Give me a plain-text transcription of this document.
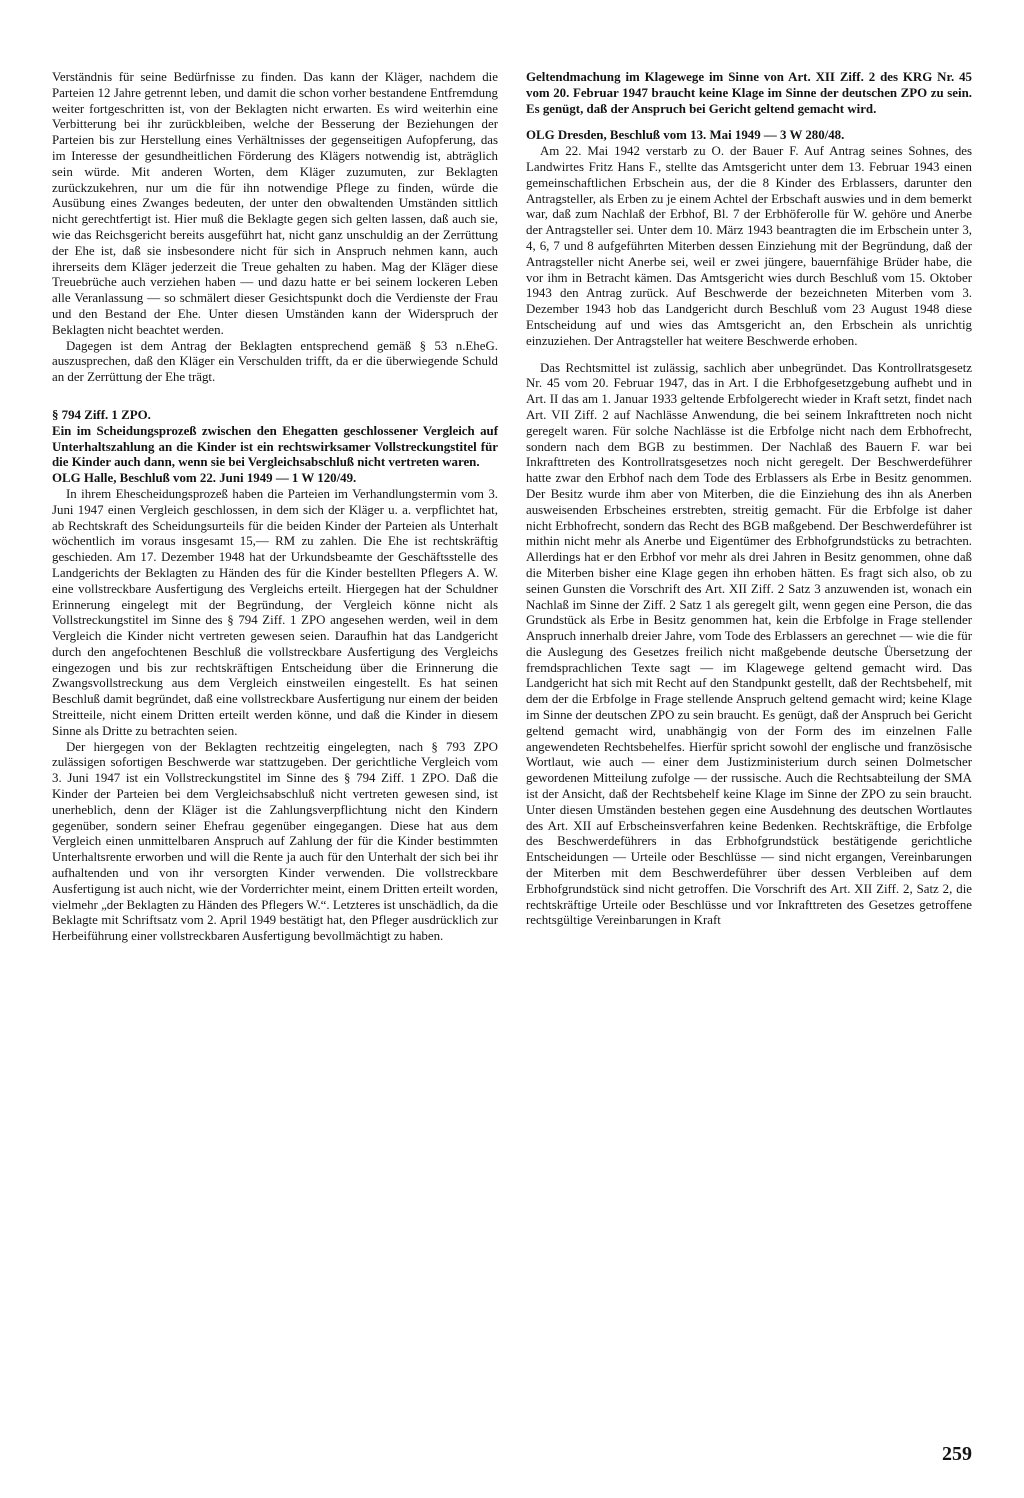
Verständnis für seine Bedürfnisse zu finden. Das kann der Kläger, nachdem die Parteien 12 Jahre getrennt leben, und damit die schon vorher bestandene Entfremdung weiter fortgeschritten ist, von der Beklagten nicht erwarten. Es wird weiterhin eine Verbitterung bei ihr zurückbleiben, welche der Besserung der Beziehungen der Parteien bis zur Herstellung eines Verhältnisses der gegenseitigen Aufopferung, das im Interesse der gesundheitlichen Förderung des Klägers notwendig ist, abträglich sein würde. Mit anderen Worten, dem Kläger zuzumuten, zur Beklagten zurückzukehren, nur um die für ihn notwendige Pflege zu finden, würde die Ausübung eines Zwanges bedeuten, der unter den obwaltenden Umständen sittlich nicht gerechtfertigt ist. Hier muß die Beklagte gegen sich gelten lassen, daß auch sie, wie das Reichsgericht bereits ausgeführt hat, nicht ganz unschuldig an der Zerrüttung der Ehe ist, daß sie insbesondere nicht für sich in Anspruch nehmen kann, auch ihrerseits dem Kläger jederzeit die Treue gehalten zu haben. Mag der Kläger diese Treuebrüche auch verziehen haben — und dazu hatte er bei seinem lockeren Leben alle Veranlassung — so schmälert dieser Gesichtspunkt doch die Verdienste der Frau und den Bestand der Ehe. Unter diesen Umständen kann der Widerspruch der Beklagten nicht beachtet werden.

Dagegen ist dem Antrag der Beklagten entsprechend gemäß § 53 n.EheG. auszusprechen, daß den Kläger ein Verschulden trifft, da er die überwiegende Schuld an der Zerrüttung der Ehe trägt.

§ 794 Ziff. 1 ZPO.

Ein im Scheidungsprozeß zwischen den Ehegatten geschlossener Vergleich auf Unterhaltszahlung an die Kinder ist ein rechtswirksamer Vollstreckungstitel für die Kinder auch dann, wenn sie bei Vergleichsabschluß nicht vertreten waren.

OLG Halle, Beschluß vom 22. Juni 1949 — 1 W 120/49.

In ihrem Ehescheidungsprozeß haben die Parteien im Verhandlungstermin vom 3. Juni 1947 einen Vergleich geschlossen, in dem sich der Kläger u. a. verpflichtet hat, ab Rechtskraft des Scheidungsurteils für die beiden Kinder der Parteien als Unterhalt wöchentlich im voraus insgesamt 15,— RM zu zahlen. Die Ehe ist rechtskräftig geschieden. Am 17. Dezember 1948 hat der Urkundsbeamte der Geschäftsstelle des Landgerichts der Beklagten zu Händen des für die Kinder bestellten Pflegers A. W. eine vollstreckbare Ausfertigung des Vergleichs erteilt. Hiergegen hat der Schuldner Erinnerung eingelegt mit der Begründung, der Vergleich könne nicht als Vollstreckungstitel im Sinne des § 794 Ziff. 1 ZPO angesehen werden, weil in dem Vergleich die Kinder nicht vertreten gewesen seien. Daraufhin hat das Landgericht durch den angefochtenen Beschluß die vollstreckbare Ausfertigung des Vergleichs eingezogen und bis zur rechtskräftigen Entscheidung über die Erinnerung die Zwangsvollstreckung aus dem Vergleich einstweilen eingestellt. Es hat seinen Beschluß damit begründet, daß eine vollstreckbare Ausfertigung nur einem der beiden Streitteile, nicht einem Dritten erteilt werden könne, und daß die Kinder in diesem Sinne als Dritte zu betrachten seien.

Der hiergegen von der Beklagten rechtzeitig eingelegten, nach § 793 ZPO zulässigen sofortigen Beschwerde war stattzugeben. Der gerichtliche Vergleich vom 3. Juni 1947 ist ein Vollstreckungstitel im Sinne des § 794 Ziff. 1 ZPO. Daß die Kinder der Parteien bei dem Vergleichsabschluß nicht vertreten gewesen sind, ist unerheblich, denn der Kläger ist die Zahlungsverpflichtung nicht den Kindern gegenüber, sondern seiner Ehefrau gegenüber eingegangen. Diese hat aus dem Vergleich einen unmittelbaren Anspruch auf Zahlung der für die Kinder bestimmten Unterhaltsrente erworben und will die Rente ja auch für den Unterhalt der sich bei ihr aufhaltenden und von ihr versorgten Kinder verwenden. Die vollstreckbare Ausfertigung ist auch nicht, wie der Vorderrichter meint, einem Dritten erteilt worden, vielmehr „der Beklagten zu Händen des Pflegers W.“. Letzteres ist unschädlich, da die Beklagte mit Schriftsatz vom 2. April 1949 bestätigt hat, den Pfleger ausdrücklich zur Herbeiführung einer vollstreckbaren Ausfertigung bevollmächtigt zu haben.

Geltendmachung im Klagewege im Sinne von Art. XII Ziff. 2 des KRG Nr. 45 vom 20. Februar 1947 braucht keine Klage im Sinne der deutschen ZPO zu sein. Es genügt, daß der Anspruch bei Gericht geltend gemacht wird.

OLG Dresden, Beschluß vom 13. Mai 1949 — 3 W 280/48.

Am 22. Mai 1942 verstarb zu O. der Bauer F. Auf Antrag seines Sohnes, des Landwirtes Fritz Hans F., stellte das Amtsgericht unter dem 13. Februar 1943 einen gemeinschaftlichen Erbschein aus, der die 8 Kinder des Erblassers, darunter den Antragsteller, als Erben zu je einem Achtel der Erbschaft auswies und in dem bemerkt war, daß zum Nachlaß der Erbhof, Bl. 7 der Erbhöferolle für W. gehöre und Anerbe der Antragsteller sei. Unter dem 10. März 1943 beantragten die im Erbschein unter 3, 4, 6, 7 und 8 aufgeführten Miterben dessen Einziehung mit der Begründung, daß der Antragsteller nicht Anerbe sei, weil er zwei jüngere, bauernfähige Brüder habe, die vor ihm in Betracht kämen. Das Amtsgericht wies durch Beschluß vom 15. Oktober 1943 den Antrag zurück. Auf Beschwerde der bezeichneten Miterben vom 3. Dezember 1943 hob das Landgericht durch Beschluß vom 23 August 1948 diese Entscheidung auf und wies das Amtsgericht an, den Erbschein als unrichtig einzuziehen. Der Antragsteller hat weitere Beschwerde erhoben.

Das Rechtsmittel ist zulässig, sachlich aber unbegründet. Das Kontrollratsgesetz Nr. 45 vom 20. Februar 1947, das in Art. I die Erbhofgesetzgebung aufhebt und in Art. II das am 1. Januar 1933 geltende Erbfolgerecht wieder in Kraft setzt, findet nach Art. VII Ziff. 2 auf Nachlässe Anwendung, die bei seinem Inkrafttreten noch nicht geregelt waren. Für solche Nachlässe ist die Erbfolge nicht nach dem Erbhofrecht, sondern nach dem BGB zu bestimmen. Der Nachlaß des Bauern F. war bei Inkrafttreten des Kontrollratsgesetzes noch nicht geregelt. Der Beschwerdeführer hatte zwar den Erbhof nach dem Tode des Erblassers als Erbe in Besitz genommen. Der Besitz wurde ihm aber von Miterben, die die Einziehung des ihn als Anerben ausweisenden Erbscheines erstrebten, streitig gemacht. Für die Erbfolge ist daher nicht Erbhofrecht, sondern das Recht des BGB maßgebend. Der Beschwerdeführer ist mithin nicht mehr als Anerbe und Eigentümer des Erbhofgrundstücks zu betrachten. Allerdings hat er den Erbhof vor mehr als drei Jahren in Besitz genommen, ohne daß die Miterben bisher eine Klage gegen ihn erhoben hätten. Es fragt sich also, ob zu seinen Gunsten die Vorschrift des Art. XII Ziff. 2 Satz 3 anzuwenden ist, wonach ein Nachlaß im Sinne der Ziff. 2 Satz 1 als geregelt gilt, wenn gegen eine Person, die das Grundstück als Erbe in Besitz genommen hat, kein die Erbfolge in Frage stellender Anspruch innerhalb dreier Jahre, vom Tode des Erblassers an gerechnet — wie die für die Auslegung des Gesetzes freilich nicht maßgebende deutsche Übersetzung der fremdsprachlichen Texte sagt — im Klagewege geltend gemacht wird. Das Landgericht hat sich mit Recht auf den Standpunkt gestellt, daß der Rechtsbehelf, mit dem der die Erbfolge in Frage stellende Anspruch geltend gemacht wird; keine Klage im Sinne der deutschen ZPO zu sein braucht. Es genügt, daß der Anspruch bei Gericht geltend gemacht wird, unabhängig von der Form des im einzelnen Falle angewendeten Rechtsbehelfes. Hierfür spricht sowohl der englische und französische Wortlaut, wie auch — einer dem Justizministerium durch seinen Dolmetscher gewordenen Mitteilung zufolge — der russische. Auch die Rechtsabteilung der SMA ist der Ansicht, daß der Rechtsbehelf keine Klage im Sinne der ZPO zu sein braucht. Unter diesen Umständen bestehen gegen eine Ausdehnung des deutschen Wortlautes des Art. XII auf Erbscheinsverfahren keine Bedenken. Rechtskräftige, die Erbfolge des Beschwerdeführers in das Erbhofgrundstück bestätigende gerichtliche Entscheidungen — Urteile oder Beschlüsse — sind nicht ergangen, Vereinbarungen der Miterben mit dem Beschwerdeführer über dessen Verbleiben auf dem Erbhofgrundstück sind nicht getroffen. Die Vorschrift des Art. XII Ziff. 2, Satz 2, die rechtskräftige Urteile oder Beschlüsse und vor Inkrafttreten des Gesetzes getroffene rechtsgültige Vereinbarungen in Kraft

259
